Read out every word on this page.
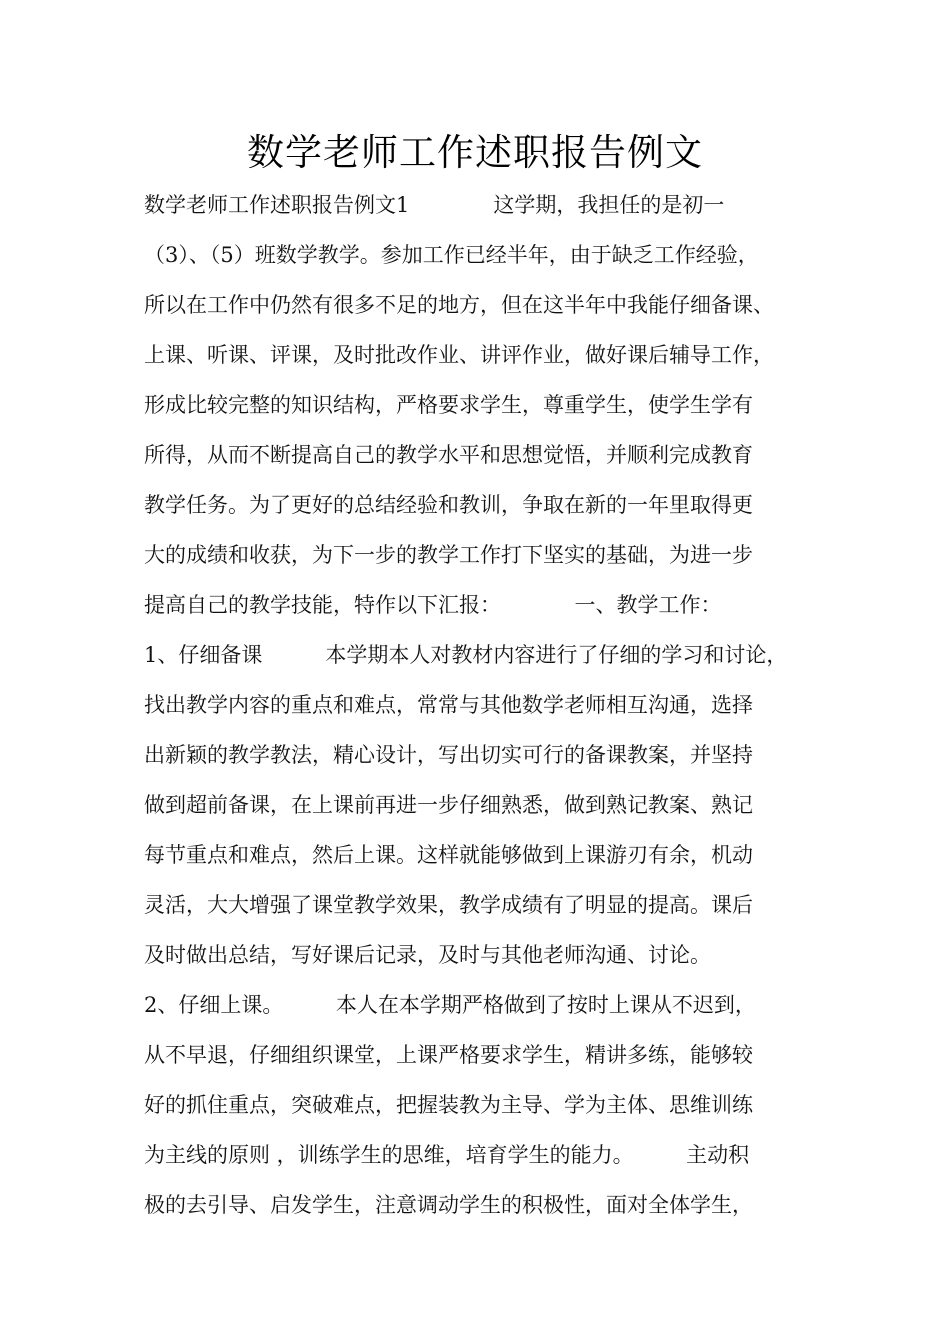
数学老师工作述职报告例文
数学老师工作述职报告例文1　　　　这学期，我担任的是初一
（3）、（5）班数学教学。参加工作已经半年，由于缺乏工作经验，
所以在工作中仍然有很多不足的地方，但在这半年中我能仔细备课、
上课、听课、评课，及时批改作业、讲评作业，做好课后辅导工作，
形成比较完整的知识结构，严格要求学生，尊重学生，使学生学有
所得，从而不断提高自己的教学水平和思想觉悟，并顺利完成教育
教学任务。为了更好的总结经验和教训，争取在新的一年里取得更
大的成绩和收获，为下一步的教学工作打下坚实的基础，为进一步
提高自己的教学技能，特作以下汇报：　　　　一、教学工作：
1、仔细备课　　　本学期本人对教材内容进行了仔细的学习和讨论，
找出教学内容的重点和难点，常常与其他数学老师相互沟通，选择
出新颖的教学教法，精心设计，写出切实可行的备课教案，并坚持
做到超前备课，在上课前再进一步仔细熟悉，做到熟记教案、熟记
每节重点和难点，然后上课。这样就能够做到上课游刃有余，机动
灵活，大大增强了课堂教学效果，教学成绩有了明显的提高。课后
及时做出总结，写好课后记录，及时与其他老师沟通、讨论。
2、仔细上课。　　　本人在本学期严格做到了按时上课从不迟到，
从不早退，仔细组织课堂，上课严格要求学生，精讲多练，能够较
好的抓住重点，突破难点，把握装教为主导、学为主体、思维训练
为主线的原则 ，训练学生的思维，培育学生的能力。　　　主动积
极的去引导、启发学生，注意调动学生的积极性，面对全体学生，
